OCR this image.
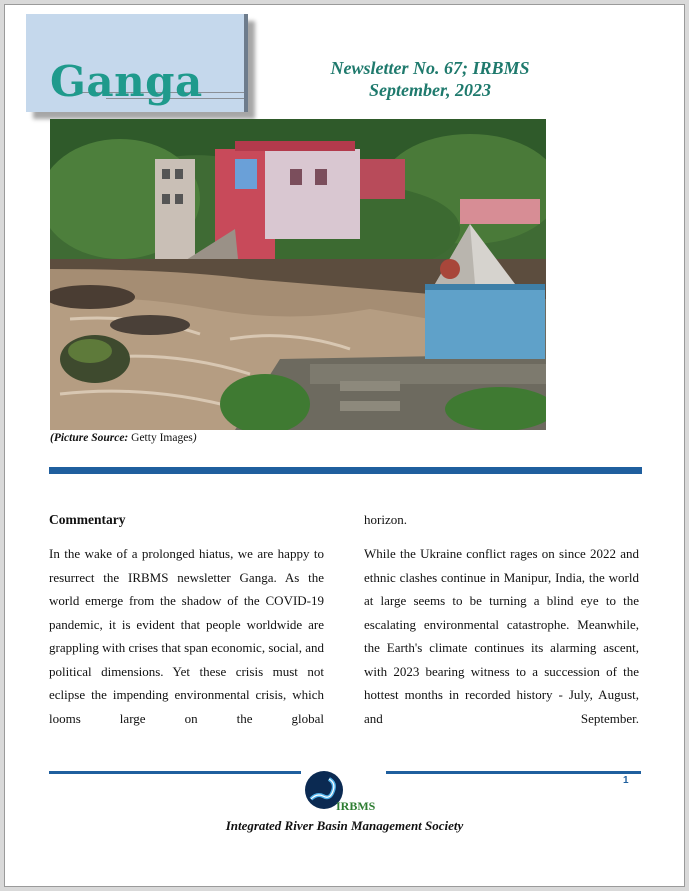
Ganga	Newsletter No. 67; IRBMS
September, 2023
(Picture Source: Getty Images)
Commentary

In the wake of a prolonged hiatus, we are happy to resurrect the IRBMS newsletter Ganga. As the world emerge from the shadow of the COVID-19 pandemic, it is evident that people worldwide are grappling with crises that span economic, social, and political dimensions. Yet these crisis must not eclipse the impending environmental crisis, which looms large on the global

horizon.

While the Ukraine conflict rages on since 2022 and ethnic clashes continue in Manipur, India, the world at large seems to be turning a blind eye to the escalating environmental catastrophe. Meanwhile, the Earth's climate continues its alarming ascent, with 2023 bearing witness to a succession of the hottest months in recorded history - July, August, and September.

1
IRBMS
Integrated River Basin Management Society
